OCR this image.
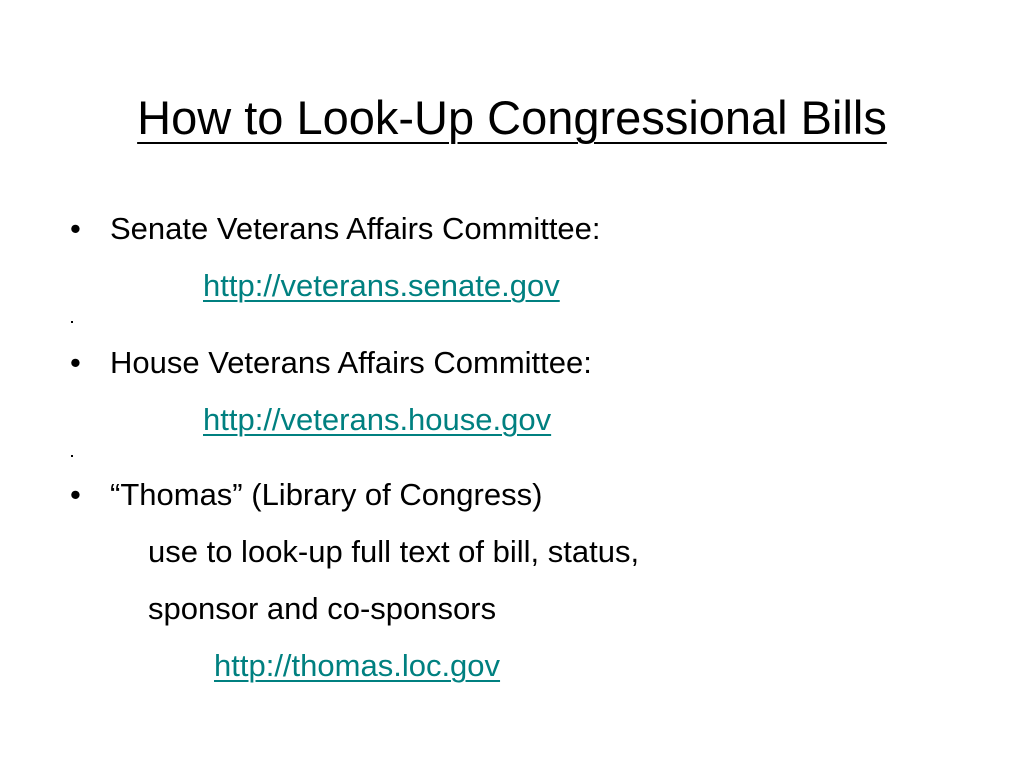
How to Look-Up Congressional Bills
• Senate Veterans Affairs Committee:

http://veterans.senate.gov

• House Veterans Affairs Committee:

http://veterans.house.gov

• “Thomas” (Library of Congress)

use to look-up full text of bill, status,

sponsor and co-sponsors

http://thomas.loc.gov
